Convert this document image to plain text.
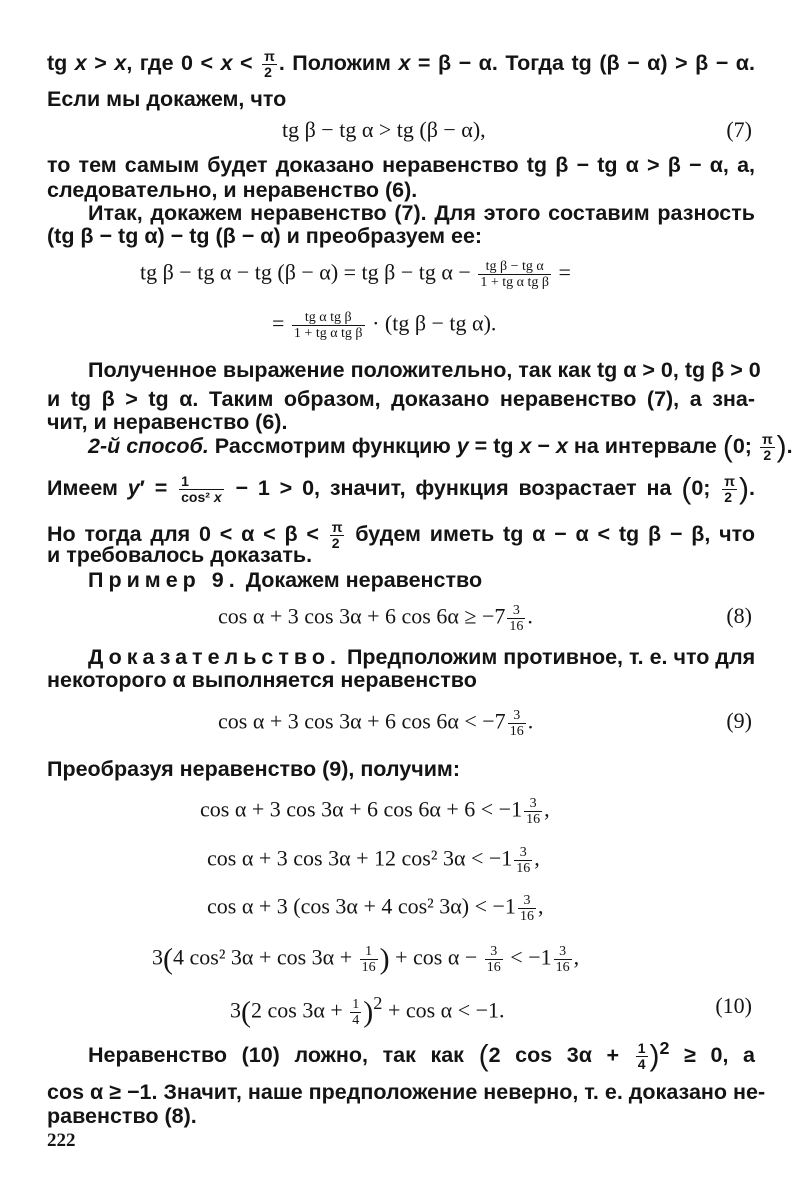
tg x > x, где $0 < x < \frac{\pi}{2}$ . Положим x = β − α. Тогда tg (β − α) > β − α.
Если мы докажем, что
tg β − tg α > tg (β − α),	(7)
то тем самым будет доказано неравенство tg β − tg α > β − α, а,
следовательно, и неравенство (6).
Итак, докажем неравенство (7). Для этого составим разность
(tg β − tg α) − tg (β − α) и преобразуем ее:
tg β − tg α − tg (β − α) = tg β − tg $\alpha - \frac{\text{tg β − tg α}}{\text{1 + tg α tg β}}$ =
= $\frac{\text{tg α tg β}}{\text{1 + tg α tg β}} \cdot (tg$ β − tg α).
Полученное выражение положительно, так как tg α > 0, tg β > 0
и tg β > tg α. Таким образом, доказано неравенство (7), а зна-
чит, и неравенство (6).
2-й способ. Рассмотрим функцию y = tg x − x на интервале (0; $\frac{\pi}{2}$ ).
Имеем $y' = \frac{1}{\text{cos² x}} - 1 > 0$, значит, функция возрастает на (0; $\frac{\pi}{2}$ ).
Но тогда для $0 < \alpha < \beta < \frac{\pi}{2}$ будем иметь tg α − α < tg β − β, что
и требовалось доказать.
Пример 9. Докажем неравенство
cos α + 3 cos 3α + 6 $\cos 6\alpha \ge -7 \frac{3}{16}$ .	(8)
Доказательство. Предположим противное, т. е. что для
некоторого α выполняется неравенство
cos α + 3 cos 3α + 6 $\cos 6\alpha < -7 \frac{3}{16}$ .	(9)
Преобразуя неравенство (9), получим:
cos α + 3 cos 3α + 6 $\cos 6\alpha + 6 < -1 \frac{3}{16}$ ,
cos α + 3 cos 3α + 12 cos² $3\alpha < -1 \frac{3}{16}$ ,
cos α + 3 (cos 3α + 4 cos² $3\alpha) < -1 \frac{3}{16}$ ,
3(4 cos² $3\alpha + \cos 3\alpha + \frac{1}{16}$ ) + $\cos \alpha - \frac{3}{16} < -1 \frac{3}{16}$ ,
3(2 $\cos 3\alpha + \frac{1}{4} )^2 + \cos \alpha < -1$.	(10)
Неравенство (10) ложно, так как (2 $\cos 3\alpha + \frac{1}{4} )^2 \ge 0$, а
cos α ≥ −1. Значит, наше предположение неверно, т. е. доказано не-
равенство (8).
222
